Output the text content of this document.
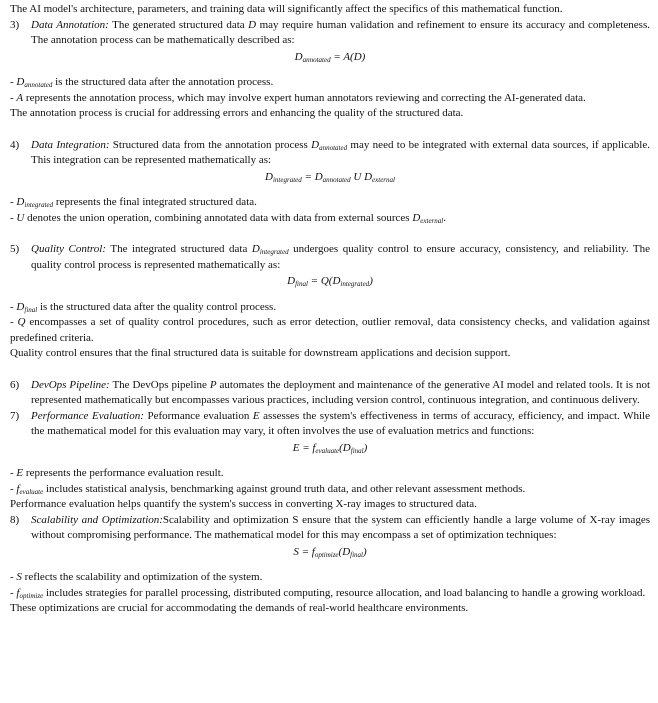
The AI model's architecture, parameters, and training data will significantly affect the specifics of this mathematical function.

3) Data Annotation: The generated structured data D may require human validation and refinement to ensure its accuracy and completeness. The annotation process can be mathematically described as:

$D_{annotated} = A(D)$

- $D_{annotated}$ is the structured data after the annotation process.

- A represents the annotation process, which may involve expert human annotators reviewing and correcting the AI-generated data.

The annotation process is crucial for addressing errors and enhancing the quality of the structured data.

4) Data Integration: Structured data from the annotation process $D_{annotated}$ may need to be integrated with external data sources, if applicable. This integration can be represented mathematically as:

$D_{integrated} = D_{annotated}$ U $D_{external}$

- $D_{integrated}$ represents the final integrated structured data.

- U denotes the union operation, combining annotated data with data from external sources $D_{external}$.

5) Quality Control: The integrated structured data $D_{integrated}$ undergoes quality control to ensure accuracy, consistency, and reliability. The quality control process is represented mathematically as:

$D_{final} = Q(D_{integrated})$

- $D_{final}$ is the structured data after the quality control process.

- Q encompasses a set of quality control procedures, such as error detection, outlier removal, data consistency checks, and validation against predefined criteria.

Quality control ensures that the final structured data is suitable for downstream applications and decision support.

6) DevOps Pipeline: The DevOps pipeline P automates the deployment and maintenance of the generative AI model and related tools. It is not represented mathematically but encompasses various practices, including version control, continuous integration, and continuous delivery.
7) Performance Evaluation: Peformance evaluation E assesses the system's effectiveness in terms of accuracy, efficiency, and impact. While the mathematical model for this evaluation may vary, it often involves the use of evaluation metrics and functions:

$E = f_{evaluate}(D_{final})$

- E represents the performance evaluation result.

- $f_{evaluate}$ includes statistical analysis, benchmarking against ground truth data, and other relevant assessment methods.

Performance evaluation helps quantify the system's success in converting X-ray images to structured data.

8) Scalability and Optimization:Scalability and optimization S ensure that the system can efficiently handle a large volume of X-ray images without compromising performance. The mathematical model for this may encompass a set of optimization techniques:

$S = f_{optimize}(D_{final})$

- S reflects the scalability and optimization of the system.

- $f_{optimize}$ includes strategies for parallel processing, distributed computing, resource allocation, and load balancing to handle a growing workload.

These optimizations are crucial for accommodating the demands of real-world healthcare environments.
